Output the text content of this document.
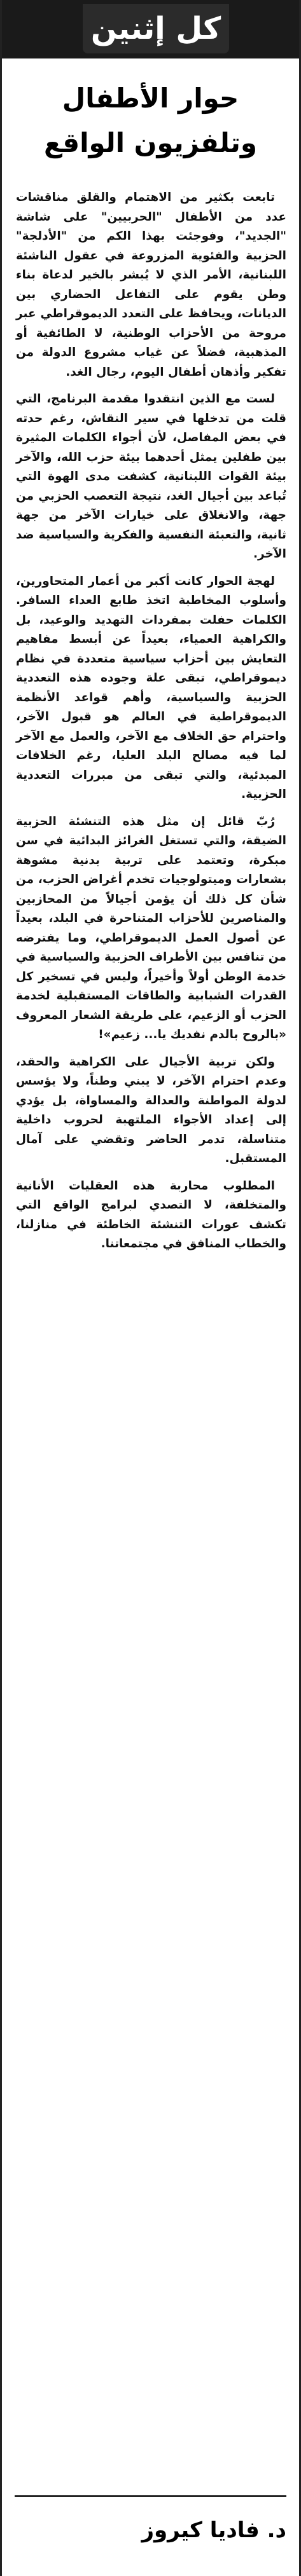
كل إثنين
حوار الأطفال
وتلفزيون الواقع

تابعت بكثير من الاهتمام والقلق مناقشات عدد من الأطفال "الحربيين" على شاشة "الجديد"، وفوجئت بهذا الكم من "الأدلجة" الحزبية والفئوية المزروعة في عقول الناشئة اللبنانية، الأمر الذي لا يُبشر بالخير لدعاة بناء وطن يقوم على التفاعل الحضاري بين الديانات، ويحافظ على التعدد الديموقراطي عبر مروحة من الأحزاب الوطنية، لا الطائفية أو المذهبية، فضلاً عن غياب مشروع الدولة من تفكير وأذهان أطفال اليوم، رجال الغد.

لست مع الذين انتقدوا مقدمة البرنامج، التي قلت من تدخلها في سير النقاش، رغم حدته في بعض المفاصل، لأن أجواء الكلمات المثيرة بين طفلين يمثل أحدهما بيئة حزب الله، والآخر بيئة القوات اللبنانية، كشفت مدى الهوة التي تُباعد بين أجيال الغد، نتيجة التعصب الحزبي من جهة، والانغلاق على خيارات الآخر من جهة ثانية، والتعبئة النفسية والفكرية والسياسية ضد الآخر.

لهجة الحوار كانت أكبر من أعمار المتحاورين، وأسلوب المخاطبة اتخذ طابع العداء السافر. الكلمات حفلت بمفردات التهديد والوعيد، بل والكراهية العمياء، بعيداً عن أبسط مفاهيم التعايش بين أحزاب سياسية متعددة في نظام ديموقراطي، تبقى علة وجوده هذه التعددية الحزبية والسياسية، وأهم قواعد الأنظمة الديموقراطية في العالم هو قبول الآخر، واحترام حق الخلاف مع الآخر، والعمل مع الآخر لما فيه مصالح البلد العليا، رغم الخلافات المبدئية، والتي تبقى من مبررات التعددية الحزبية.

رُبّ قائل إن مثل هذه التنشئة الحزبية الضيقة، والتي تستغل الغرائز البدائية في سن مبكرة، وتعتمد على تربية بدنية مشوهة بشعارات وميتولوجيات تخدم أغراض الحزب، من شأن كل ذلك أن يؤمن أجيالاً من المحازبين والمناصرين للأحزاب المتناحرة في البلد، بعيداً عن أصول العمل الديموقراطي، وما يفترضه من تنافس بين الأطراف الحزبية والسياسية في خدمة الوطن أولاً وأخيراً، وليس في تسخير كل القدرات الشبابية والطاقات المستقبلية لخدمة الحزب أو الزعيم، على طريقة الشعار المعروف «بالروح بالدم نفديك يا... زعيم»!

ولكن تربية الأجيال على الكراهية والحقد، وعدم احترام الآخر، لا يبني وطناً، ولا يؤسس لدولة المواطنة والعدالة والمساواة، بل يؤدي إلى إعداد الأجواء الملتهبة لحروب داخلية متناسلة، تدمر الحاضر وتقضي على آمال المستقبل.

المطلوب محاربة هذه العقليات الأنانية والمتخلفة، لا التصدي لبرامج الواقع التي تكشف عورات التنشئة الخاطئة في منازلنا، والخطاب المنافق في مجتمعاتنا.

د. فاديا كيروز
